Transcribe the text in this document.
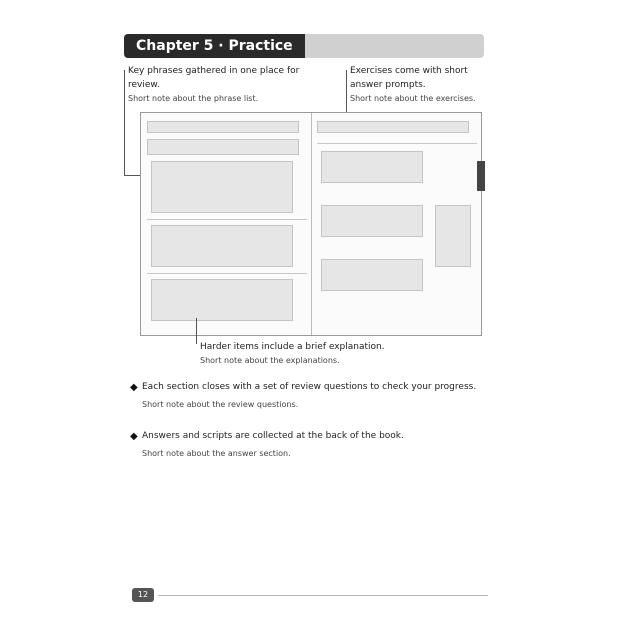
Chapter 5 · Practice
Key phrases gathered in one place for review.
Short note about the phrase list.
Exercises come with short answer prompts.
Short note about the exercises.
Harder items include a brief explanation.
Short note about the explanations.
◆ Each section closes with a set of review questions to check your progress.
Short note about the review questions.
◆ Answers and scripts are collected at the back of the book.
Short note about the answer section.
12
